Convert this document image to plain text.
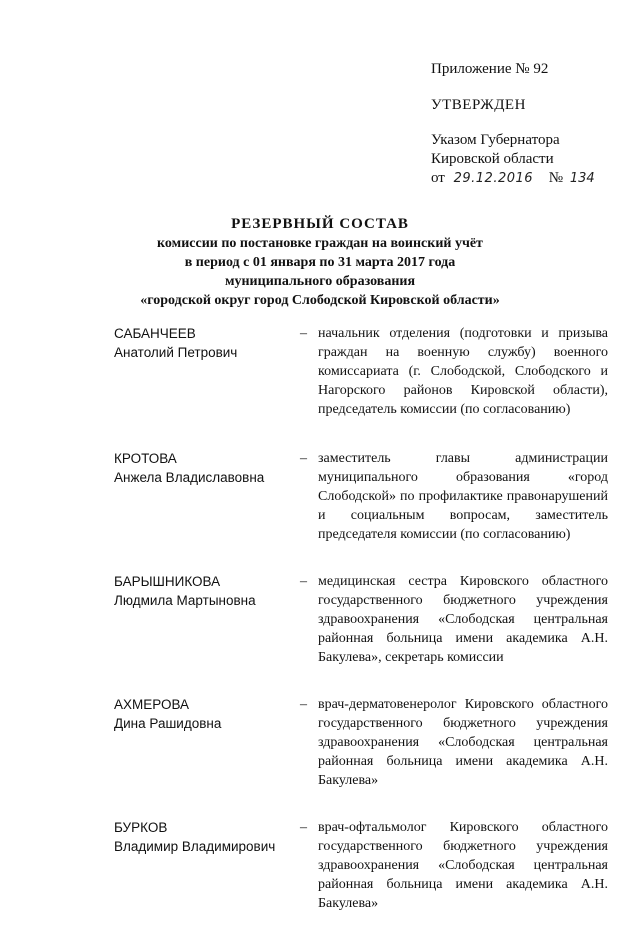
Приложение № 92
УТВЕРЖДЕН
Указом Губернатора
Кировской области
от 29.12.2016 № 134
РЕЗЕРВНЫЙ СОСТАВ
комиссии по постановке граждан на воинский учёт
в период с 01 января по 31 марта 2017 года
муниципального образования
«городской округ город Слободской Кировской области»
САБАНЧЕЕВ
Анатолий Петрович
– начальник отделения (подготовки и призыва граждан на военную службу) военного комиссариата (г. Слободской, Слободского и Нагорского районов Кировской области), председатель комиссии (по согласованию)
КРОТОВА
Анжела Владиславовна
– заместитель главы администрации муниципального образования «город Слободской» по профилактике правонарушений и социальным вопросам, заместитель председателя комиссии (по согласованию)
БАРЫШНИКОВА
Людмила Мартыновна
– медицинская сестра Кировского областного государственного бюджетного учреждения здравоохранения «Слободская центральная районная больница имени академика А.Н. Бакулева», секретарь комиссии
АХМЕРОВА
Дина Рашидовна
– врач-дерматовенеролог Кировского областного государственного бюджетного учреждения здравоохранения «Слободская центральная районная больница имени академика А.Н. Бакулева»
БУРКОВ
Владимир Владимирович
– врач-офтальмолог Кировского областного государственного бюджетного учреждения здравоохранения «Слободская центральная районная больница имени академика А.Н. Бакулева»
